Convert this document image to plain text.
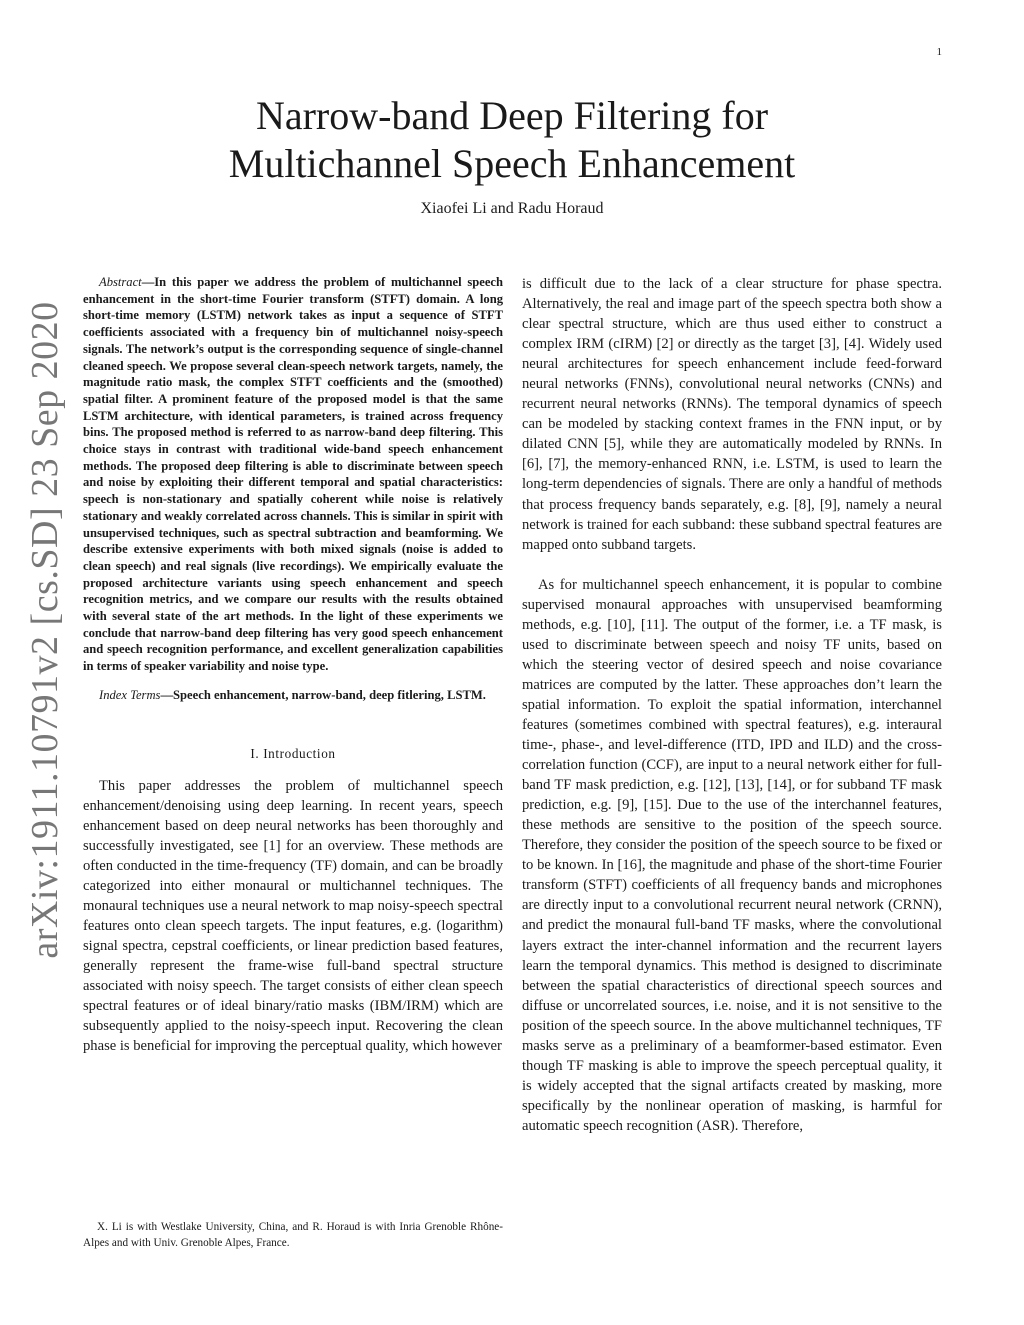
1
arXiv:1911.10791v2 [cs.SD] 23 Sep 2020
Narrow-band Deep Filtering for
Multichannel Speech Enhancement
Xiaofei Li and Radu Horaud

Abstract—In this paper we address the problem of multichannel speech enhancement in the short-time Fourier transform (STFT) domain. A long short-time memory (LSTM) network takes as input a sequence of STFT coefficients associated with a frequency bin of multichannel noisy-speech signals. The network’s output is the corresponding sequence of single-channel cleaned speech. We propose several clean-speech network targets, namely, the magnitude ratio mask, the complex STFT coefficients and the (smoothed) spatial filter. A prominent feature of the proposed model is that the same LSTM architecture, with identical parameters, is trained across frequency bins. The proposed method is referred to as narrow-band deep filtering. This choice stays in contrast with traditional wide-band speech enhancement methods. The proposed deep filtering is able to discriminate between speech and noise by exploiting their different temporal and spatial characteristics: speech is non-stationary and spatially coherent while noise is relatively stationary and weakly correlated across channels. This is similar in spirit with unsupervised techniques, such as spectral subtraction and beamforming. We describe extensive experiments with both mixed signals (noise is added to clean speech) and real signals (live recordings). We empirically evaluate the proposed architecture variants using speech enhancement and speech recognition metrics, and we compare our results with the results obtained with several state of the art methods. In the light of these experiments we conclude that narrow-band deep filtering has very good speech enhancement and speech recognition performance, and excellent generalization capabilities in terms of speaker variability and noise type.

Index Terms—Speech enhancement, narrow-band, deep fitlering, LSTM.

I. Introduction

This paper addresses the problem of multichannel speech enhancement/denoising using deep learning. In recent years, speech enhancement based on deep neural networks has been thoroughly and successfully investigated, see [1] for an overview. These methods are often conducted in the time-frequency (TF) domain, and can be broadly categorized into either monaural or multichannel techniques. The monaural techniques use a neural network to map noisy-speech spectral features onto clean speech targets. The input features, e.g. (logarithm) signal spectra, cepstral coefficients, or linear prediction based features, generally represent the frame-wise full-band spectral structure associated with noisy speech. The target consists of either clean speech spectral features or of ideal binary/ratio masks (IBM/IRM) which are subsequently applied to the noisy-speech input. Recovering the clean phase is beneficial for improving the perceptual quality, which however

X. Li is with Westlake University, China, and R. Horaud is with Inria Grenoble Rhône-Alpes and with Univ. Grenoble Alpes, France.

is difficult due to the lack of a clear structure for phase spectra. Alternatively, the real and image part of the speech spectra both show a clear spectral structure, which are thus used either to construct a complex IRM (cIRM) [2] or directly as the target [3], [4]. Widely used neural architectures for speech enhancement include feed-forward neural networks (FNNs), convolutional neural networks (CNNs) and recurrent neural networks (RNNs). The temporal dynamics of speech can be modeled by stacking context frames in the FNN input, or by dilated CNN [5], while they are automatically modeled by RNNs. In [6], [7], the memory-enhanced RNN, i.e. LSTM, is used to learn the long-term dependencies of signals. There are only a handful of methods that process frequency bands separately, e.g. [8], [9], namely a neural network is trained for each subband: these subband spectral features are mapped onto subband targets.

As for multichannel speech enhancement, it is popular to combine supervised monaural approaches with unsupervised beamforming methods, e.g. [10], [11]. The output of the former, i.e. a TF mask, is used to discriminate between speech and noisy TF units, based on which the steering vector of desired speech and noise covariance matrices are computed by the latter. These approaches don’t learn the spatial information. To exploit the spatial information, interchannel features (sometimes combined with spectral features), e.g. interaural time-, phase-, and level-difference (ITD, IPD and ILD) and the cross-correlation function (CCF), are input to a neural network either for full-band TF mask prediction, e.g. [12], [13], [14], or for subband TF mask prediction, e.g. [9], [15]. Due to the use of the interchannel features, these methods are sensitive to the position of the speech source. Therefore, they consider the position of the speech source to be fixed or to be known. In [16], the magnitude and phase of the short-time Fourier transform (STFT) coefficients of all frequency bands and microphones are directly input to a convolutional recurrent neural network (CRNN), and predict the monaural full-band TF masks, where the convolutional layers extract the inter-channel information and the recurrent layers learn the temporal dynamics. This method is designed to discriminate between the spatial characteristics of directional speech sources and diffuse or uncorrelated sources, i.e. noise, and it is not sensitive to the position of the speech source. In the above multichannel techniques, TF masks serve as a preliminary of a beamformer-based estimator. Even though TF masking is able to improve the speech perceptual quality, it is widely accepted that the signal artifacts created by masking, more specifically by the nonlinear operation of masking, is harmful for automatic speech recognition (ASR). Therefore,
